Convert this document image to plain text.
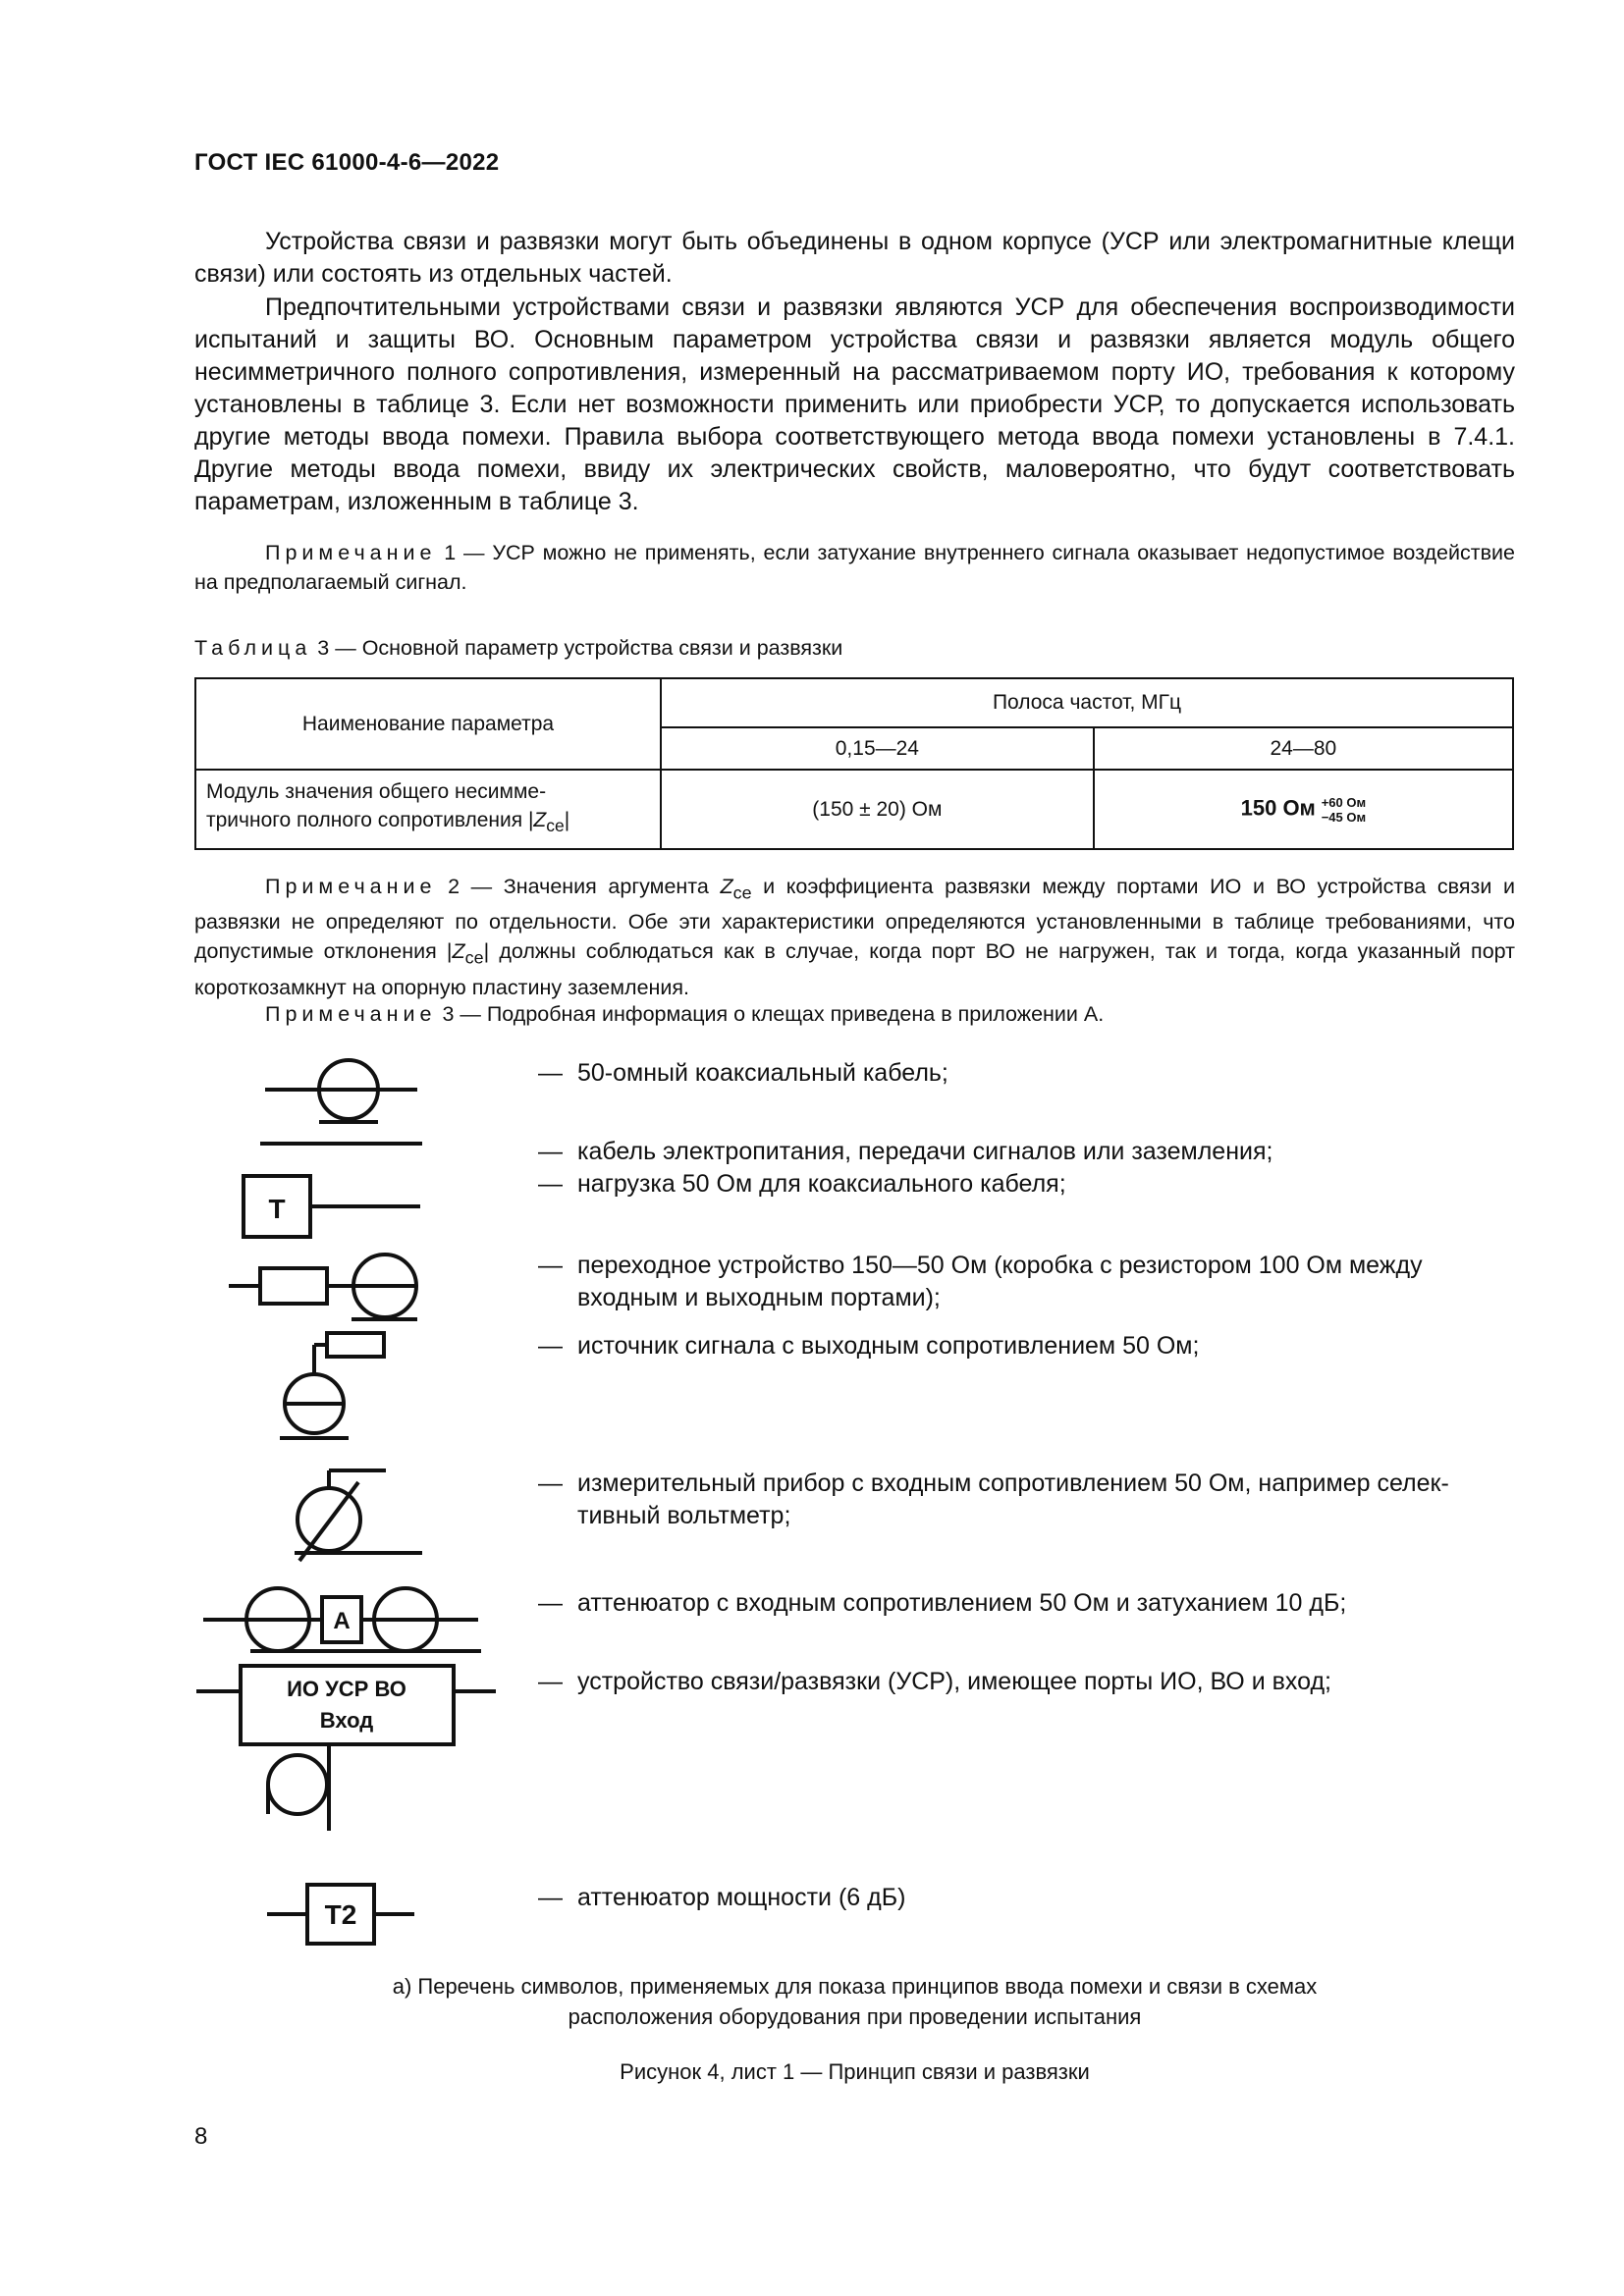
ГОСТ IEC 61000-4-6—2022
Устройства связи и развязки могут быть объединены в одном корпусе (УСР или электромагнитные клещи связи) или состоять из отдельных частей.
Предпочтительными устройствами связи и развязки являются УСР для обеспечения воспроизводимости испытаний и защиты ВО. Основным параметром устройства связи и развязки является модуль общего несимметричного полного сопротивления, измеренный на рассматриваемом порту ИО, требования к которому установлены в таблице 3. Если нет возможности применить или приобрести УСР, то допускается использовать другие методы ввода помехи. Правила выбора соответствующего метода ввода помехи установлены в 7.4.1. Другие методы ввода помехи, ввиду их электрических свойств, маловероятно, что будут соответствовать параметрам, изложенным в таблице 3.
Примечание 1 — УСР можно не применять, если затухание внутреннего сигнала оказывает недопустимое воздействие на предполагаемый сигнал.
Таблица 3 — Основной параметр устройства связи и развязки
Наименование параметра	Полоса частот, МГц	
	0,15—24	24—80
Модуль значения общего несимме-
тричного полного сопротивления $|Z_{ce}|$	(150 ± 20) Ом	150 Ом +60 Ом
−45 Ом
Примечание 2 — Значения аргумента $Z_{ce}$ и коэффициента развязки между портами ИО и ВО устройства связи и развязки не определяют по отдельности. Обе эти характеристики определяются установленными в таблице требованиями, что допустимые отклонения $|Z_{ce}|$ должны соблюдаться как в случае, когда порт ВО не нагружен, так и тогда, когда указанный порт короткозамкнут на опорную пластину заземления.
Примечание 3 — Подробная информация о клещах приведена в приложении А.
T
A
ИО УСР ВО
Вход
T2
— 50-омный коаксиальный кабель;
— кабель электропитания, передачи сигналов или заземления;
— нагрузка 50 Ом для коаксиального кабеля;
— переходное устройство 150—50 Ом (коробка с резистором 100 Ом между
входным и выходным портами);
— источник сигнала с выходным сопротивлением 50 Ом;
— измерительный прибор с входным сопротивлением 50 Ом, например селек-
тивный вольтметр;
— аттенюатор с входным сопротивлением 50 Ом и затуханием 10 дБ;
— устройство связи/развязки (УСР), имеющее порты ИО, ВО и вход;
— аттенюатор мощности (6 дБ)
a) Перечень символов, применяемых для показа принципов ввода помехи и связи в схемах
расположения оборудования при проведении испытания
Рисунок 4, лист 1 — Принцип связи и развязки
8
